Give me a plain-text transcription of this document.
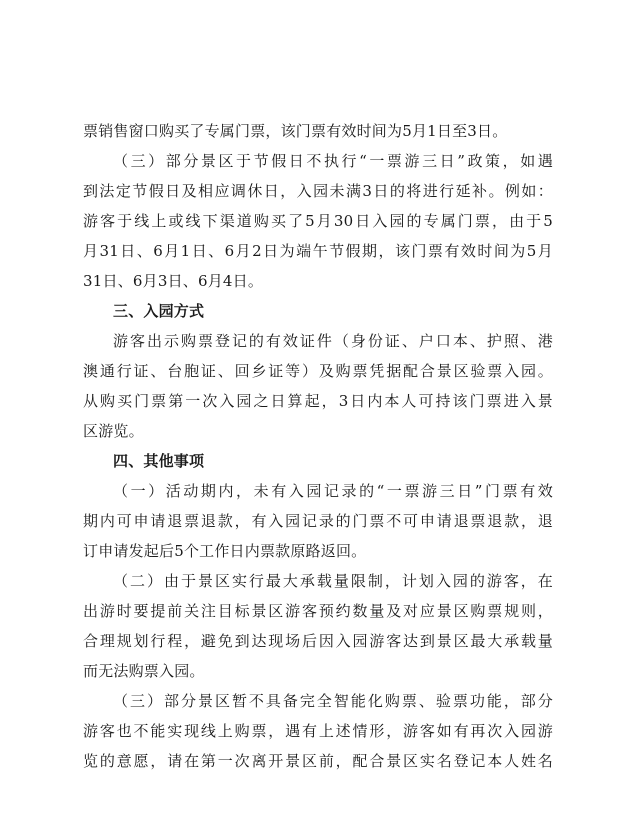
票销售窗口购买了专属门票，该门票有效时间为5月1日至3日。
（三）部分景区于节假日不执行“一票游三日”政策，如遇
到法定节假日及相应调休日，入园未满3日的将进行延补。例如：
游客于线上或线下渠道购买了5月30日入园的专属门票，由于5
月31日、6月1日、6月2日为端午节假期，该门票有效时间为5月
31日、6月3日、6月4日。
三、入园方式
游客出示购票登记的有效证件（身份证、户口本、护照、港
澳通行证、台胞证、回乡证等）及购票凭据配合景区验票入园。
从购买门票第一次入园之日算起，3日内本人可持该门票进入景
区游览。
四、其他事项
（一）活动期内，未有入园记录的“一票游三日”门票有效
期内可申请退票退款，有入园记录的门票不可申请退票退款，退
订申请发起后5个工作日内票款原路返回。
（二）由于景区实行最大承载量限制，计划入园的游客，在
出游时要提前关注目标景区游客预约数量及对应景区购票规则，
合理规划行程，避免到达现场后因入园游客达到景区最大承载量
而无法购票入园。
（三）部分景区暂不具备完全智能化购票、验票功能，部分
游客也不能实现线上购票，遇有上述情形，游客如有再次入园游
览的意愿，请在第一次离开景区前，配合景区实名登记本人姓名
